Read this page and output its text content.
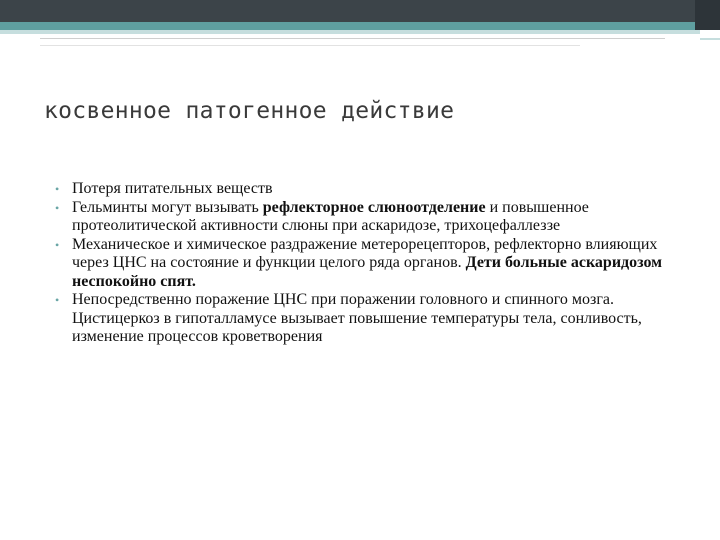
косвенное патогенное действие
• Потеря питательных веществ
• Гельминты могут вызывать рефлекторное слюноотделение и повышенное протеолитической активности слюны при аскаридозе, трихоцефаллеззе
• Механическое и химическое раздражение метерорецепторов, рефлекторно влияющих через ЦНС на состояние и функции целого ряда органов. Дети больные аскаридозом неспокойно спят.
• Непосредственно поражение ЦНС при поражении головного и спинного мозга. Цистицеркоз в гипоталламусе вызывает повышение температуры тела, сонливость, изменение процессов кроветворения
